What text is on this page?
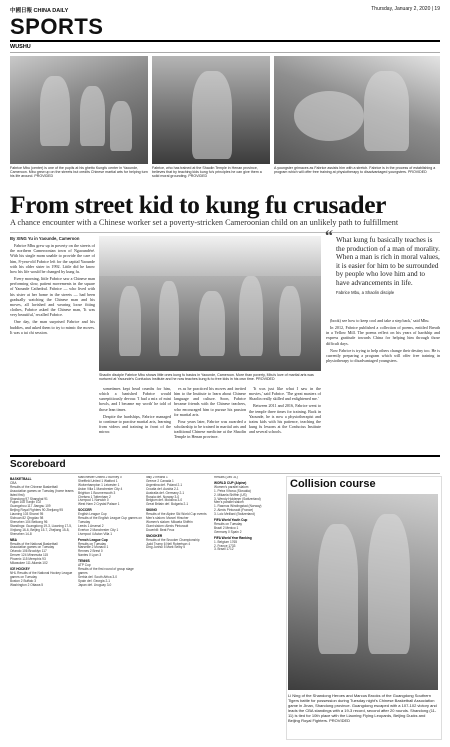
中國日報 CHINA DAILY	Thursday, January 2, 2020 | 19
SPORTS
WUSHU
Fabrice Mbu (center) is one of the pupils at his ghetto Kungfu center in Yaounde, Cameroon. Mbu grew up on the streets but credits Chinese martial arts for helping turn his life around. PROVIDED
Fabrice, who has trained at the Shaolin Temple in Henan province, believes that by teaching kids kung fu's principles he can give them a solid moral grounding. PROVIDED
A youngster grimaces as Fabrice assists him with a stretch. Fabrice is in the process of establishing a program which will offer free training at physiotherapy to disadvantaged youngsters. PROVIDED
From street kid to kung fu crusader
A chance encounter with a Chinese worker set a poverty-stricken Cameroonian child on an unlikely path to fulfillment

By XING Yu in Yaounde, Cameroon

Fabrice Mbu grew up in poverty on the streets of the northern Cameroonian town of Ngaoundéré. With his single mom unable to provide the care of him, 8-year-old Fabrice left for the capital Yaounde with his older sister in 1992. Little did he know how his life would be changed by kung fu.

Every morning, little Fabrice saw a Chinese man performing slow, patient movements in the square of Yaounde Cathedral. Fabrice — who lived with his sister at her home in the streets — had been gradually watching the Chinese man and his moves, all lavished and wearing loose fitting clothes, Fabrice asked the Chinese man, 'It was very beautiful,' recalled Fabrice.

One day, the man surprised Fabrice and his buddies, and asked them to try to mimic the moves. It was a tai chi session.

Shaolin disciple Fabrice Mbu shows little ones kung fu basics in Yaounde, Cameroon. More than poverty, Mbu's love of martial arts was nurtured at Yaounde's Confucius Institute and he now teaches kung fu to free kids in his own time. PROVIDED

sometimes kept head crumbs for him, which a banished Fabrice would surreptitiously devour. 'I had a mix of mini bowls, and I became my worth' he told of those lean times.

Despite the hardships, Fabrice managed to continue to practise martial arts, learning from videos and training in front of the mirror.

es as he practiced his moves and invited him to the Institute to learn about Chinese language and culture. Soon, Fabrice became friends with the Chinese teachers, who encouraged him to pursue his passion for martial arts.

Four years later, Fabrice was awarded a scholarship to be trained in martial arts and traditional Chinese medicine at the Shaolin Temple in Henan province.

'It was just like what I saw in the movies,' said Fabrice. 'The great masters of Shaolin really skilled and enlightened me.'

Between 2011 and 2016, Fabrice went to the temple three times for training. Back in Yaounde, he is now a physiotherapist and trains kids with his patience, teaching the kung fu lessons at the Confucius Institute and several schools.

“ What kung fu basically teaches is the production of a man of morality. When a man is rich in moral values, it is easier for him to be surrounded by people who love him and to have advancements in life.
Fabrice Mbu, a Shaolin disciple

(book) see how to keep cool and take a step back,' said Mbu.

In 2012, Fabrice published a collection of poems, entitled Breath in a Yellow Mill. The poems reflect on his years of hardship and express gratitude towards China for helping him through those difficult days.

Now Fabrice is trying to help others change their destiny too. He is currently preparing a program which will offer free training in physiotherapy to disadvantaged youngsters.

Scoreboard
BASKETBALL
CBA
Results of the Chinese Basketball Association games on Tuesday (home teams listed first)
Shandong 97 Shanghai 91
Fujian 108 Tianjin 102
Guangzhou 117 Jiangsu 109
Beijing Royal Fighters 90 Zhejiang 95
Liaoning 103 Shanxi 95
Sichuan 82 Qingdao 98
Shenzhen 104 Beikong 96
Standings: Guangdong 19-3, Liaoning 17-5, Xinjiang 16-6, Beijing 15-7, Zhejiang 15-8, Shenzhen 14-8
NBA
Results of the National Basketball Association games on Tuesday
Orlando 106 Brooklyn 117
Denver 124 Minnesota 115
Phoenix 115 Memphis 93
Milwaukee 111 Atlanta 102
ICE HOCKEY
NHL Results of the National Hockey League games on Tuesday
Boston 2 Buffalo 3
Washington 2 Ottawa 5
Manchester United 2 Burnley 0
Sheffield United 1 Watford 1
Wolverhampton 1 Leicester 1
Aston Villa 1 Manchester City 4
Brighton 1 Bournemouth 3
Chelsea 1 Tottenham 2
Liverpool 1 Norwich 0
West Ham 2 Crystal Palace 1
SOCCER
English League Cup
Results of the English League Cup games on Tuesday
Leeds 1 Arsenal 2
Everton 2 Manchester City 1
Liverpool 4 Aston Villa 1
French League Cup
Results on Tuesday
Marseille 2 Monaco 1
Rennes 2 Brest 0
Nantes 0 Lyon 3
TENNIS
ATP Cup
Results of the first round of group stage games
Serbia def. South Africa 3-0
Spain def. Georgia 2-1
Japan def. Uruguay 3-0
Italy 2 Ireland 1
Greece 2 Canada 1
Argentina def. Poland 2-1
Croatia def. Austria 2-1
Australia def. Germany 2-1
Russia def. Norway 3-0
Belgium def. Moldova 3-0
Great Britain def. Bulgaria 2-1
SKIING
Results of the Alpine Ski World Cup events
Men's slalom: Marcel Hirscher
Women's slalom: Mikaela Shiffrin
Giant slalom: Alexis Pinturault
Downhill: Beat Feuz
SNOOKER
Results of the Snooker Championship
Judd Trump 6 Neil Robertson 4
Ding Junhui 5 Mark Selby 5
Results (Dec 31)
WORLD CUP (Alpine)
Women's parallel slalom
1. Petra Vlhova (Slovakia)
2. Mikaela Shiffrin (US)
3. Wendy Holdener (Switzerland)
Men's parallel slalom
1. Rasmus Windingstad (Norway)
2. Alexis Pinturault (France)
3. Loic Meillard (Switzerland)
FIFA World Youth Cup
Results on Tuesday
Brazil 2 Mexico 1
Germany 0 Spain 2
FIFA World Year Ranking
1. Belgium 1765
2. France 1733
3. Brazil 1712
Collision course
Li Ning of the Shandong Heroes and Marcus Brooks of the Guangdong Southern Tigers battle for possession during Tuesday night's Chinese Basketball Association game in Jinan, Shandong province. Guangdong escaped with a 107-102 victory and leads the CBA standings with a 19-3 record, second after 20 rounds. Shandong (11-11) is tied for 10th place with the Liaoning Flying Leopards, Beijing Ducks and Beijing Royal Fighters. PROVIDED
